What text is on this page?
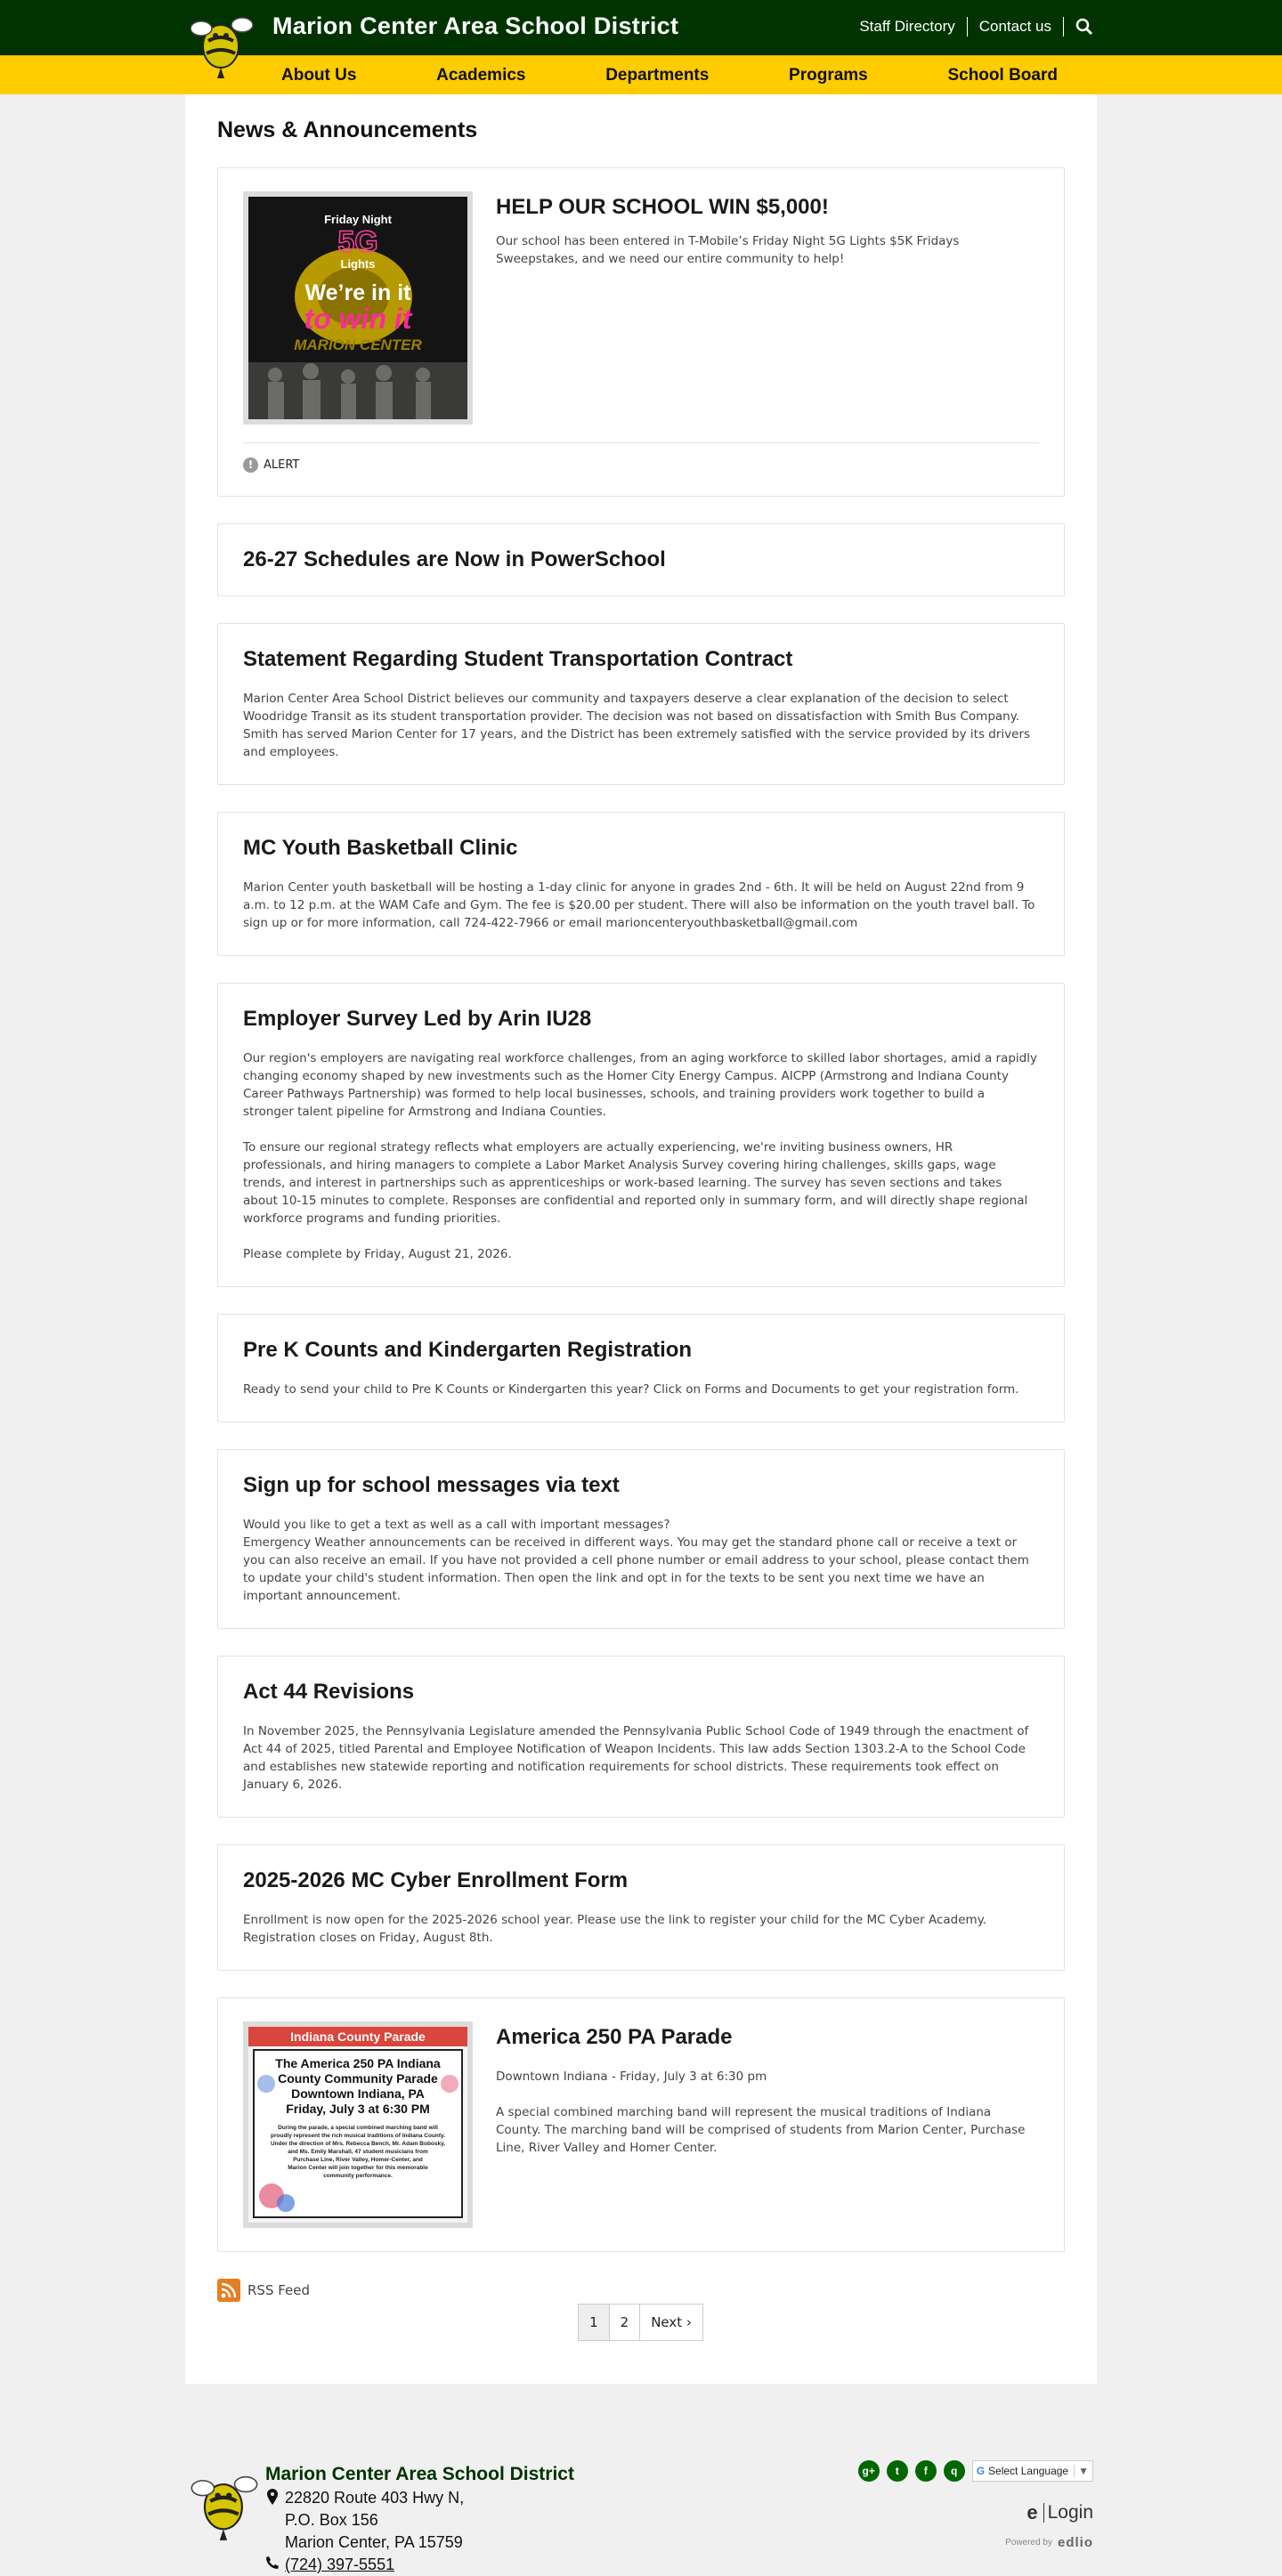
Marion Center Area School District	Staff Directory Contact us
About Us	Academics	Departments	Programs	School Board
News & Announcements
Friday Night
5G
Lights
We’re in it
to win it
MARION CENTER
HELP OUR SCHOOL WIN $5,000!

Our school has been entered in T-Mobile’s Friday Night 5G Lights $5K Fridays Sweepstakes, and we need our entire community to help!

! ALERT
26-27 Schedules are Now in PowerSchool
Statement Regarding Student Transportation Contract

Marion Center Area School District believes our community and taxpayers deserve a clear explanation of the decision to select Woodridge Transit as its student transportation provider. The decision was not based on dissatisfaction with Smith Bus Company. Smith has served Marion Center for 17 years, and the District has been extremely satisfied with the service provided by its drivers and employees.

MC Youth Basketball Clinic

Marion Center youth basketball will be hosting a 1-day clinic for anyone in grades 2nd - 6th. It will be held on August 22nd from 9 a.m. to 12 p.m. at the WAM Cafe and Gym. The fee is $20.00 per student. There will also be information on the youth travel ball. To sign up or for more information, call 724-422-7966 or email marioncenteryouthbasketball@gmail.com

Employer Survey Led by Arin IU28

Our region's employers are navigating real workforce challenges, from an aging workforce to skilled labor shortages, amid a rapidly changing economy shaped by new investments such as the Homer City Energy Campus. AICPP (Armstrong and Indiana County Career Pathways Partnership) was formed to help local businesses, schools, and training providers work together to build a stronger talent pipeline for Armstrong and Indiana Counties.

To ensure our regional strategy reflects what employers are actually experiencing, we're inviting business owners, HR professionals, and hiring managers to complete a Labor Market Analysis Survey covering hiring challenges, skills gaps, wage trends, and interest in partnerships such as apprenticeships or work-based learning. The survey has seven sections and takes about 10-15 minutes to complete. Responses are confidential and reported only in summary form, and will directly shape regional workforce programs and funding priorities.

Please complete by Friday, August 21, 2026.

Pre K Counts and Kindergarten Registration

Ready to send your child to Pre K Counts or Kindergarten this year? Click on Forms and Documents to get your registration form.

Sign up for school messages via text

Would you like to get a text as well as a call with important messages?

Emergency Weather announcements can be received in different ways. You may get the standard phone call or receive a text or you can also receive an email. If you have not provided a cell phone number or email address to your school, please contact them to update your child's student information. Then open the link and opt in for the texts to be sent you next time we have an important announcement.

Act 44 Revisions

In November 2025, the Pennsylvania Legislature amended the Pennsylvania Public School Code of 1949 through the enactment of Act 44 of 2025, titled Parental and Employee Notification of Weapon Incidents. This law adds Section 1303.2-A to the School Code and establishes new statewide reporting and notification requirements for school districts. These requirements took effect on January 6, 2026.

2025-2026 MC Cyber Enrollment Form

Enrollment is now open for the 2025-2026 school year. Please use the link to register your child for the MC Cyber Academy. Registration closes on Friday, August 8th.

Indiana County Parade
The America 250 PA Indiana
County Community Parade
Downtown Indiana, PA
Friday, July 3 at 6:30 PM
During the parade, a special combined marching band will
proudly represent the rich musical traditions of Indiana County.
Under the direction of Mrs. Rebecca Bench, Mr. Adam Bobosky,
and Ms. Emily Marshall, 47 student musicians from
Purchase Line, River Valley, Homer-Center, and
Marion Center will join together for this memorable
community performance.
America 250 PA Parade

Downtown Indiana - Friday, July 3 at 6:30 pm

A special combined marching band will represent the musical traditions of Indiana County. The marching band will be comprised of students from Marion Center, Purchase Line, River Valley and Homer Center.

RSS Feed
1	2	Next ›
Marion Center Area School District
22820 Route 403 Hwy N,
P.O. Box 156
Marion Center, PA 15759
(724) 397-5551
g+	t	f	q	G Select Language ▼
e Login
Powered by edlio
